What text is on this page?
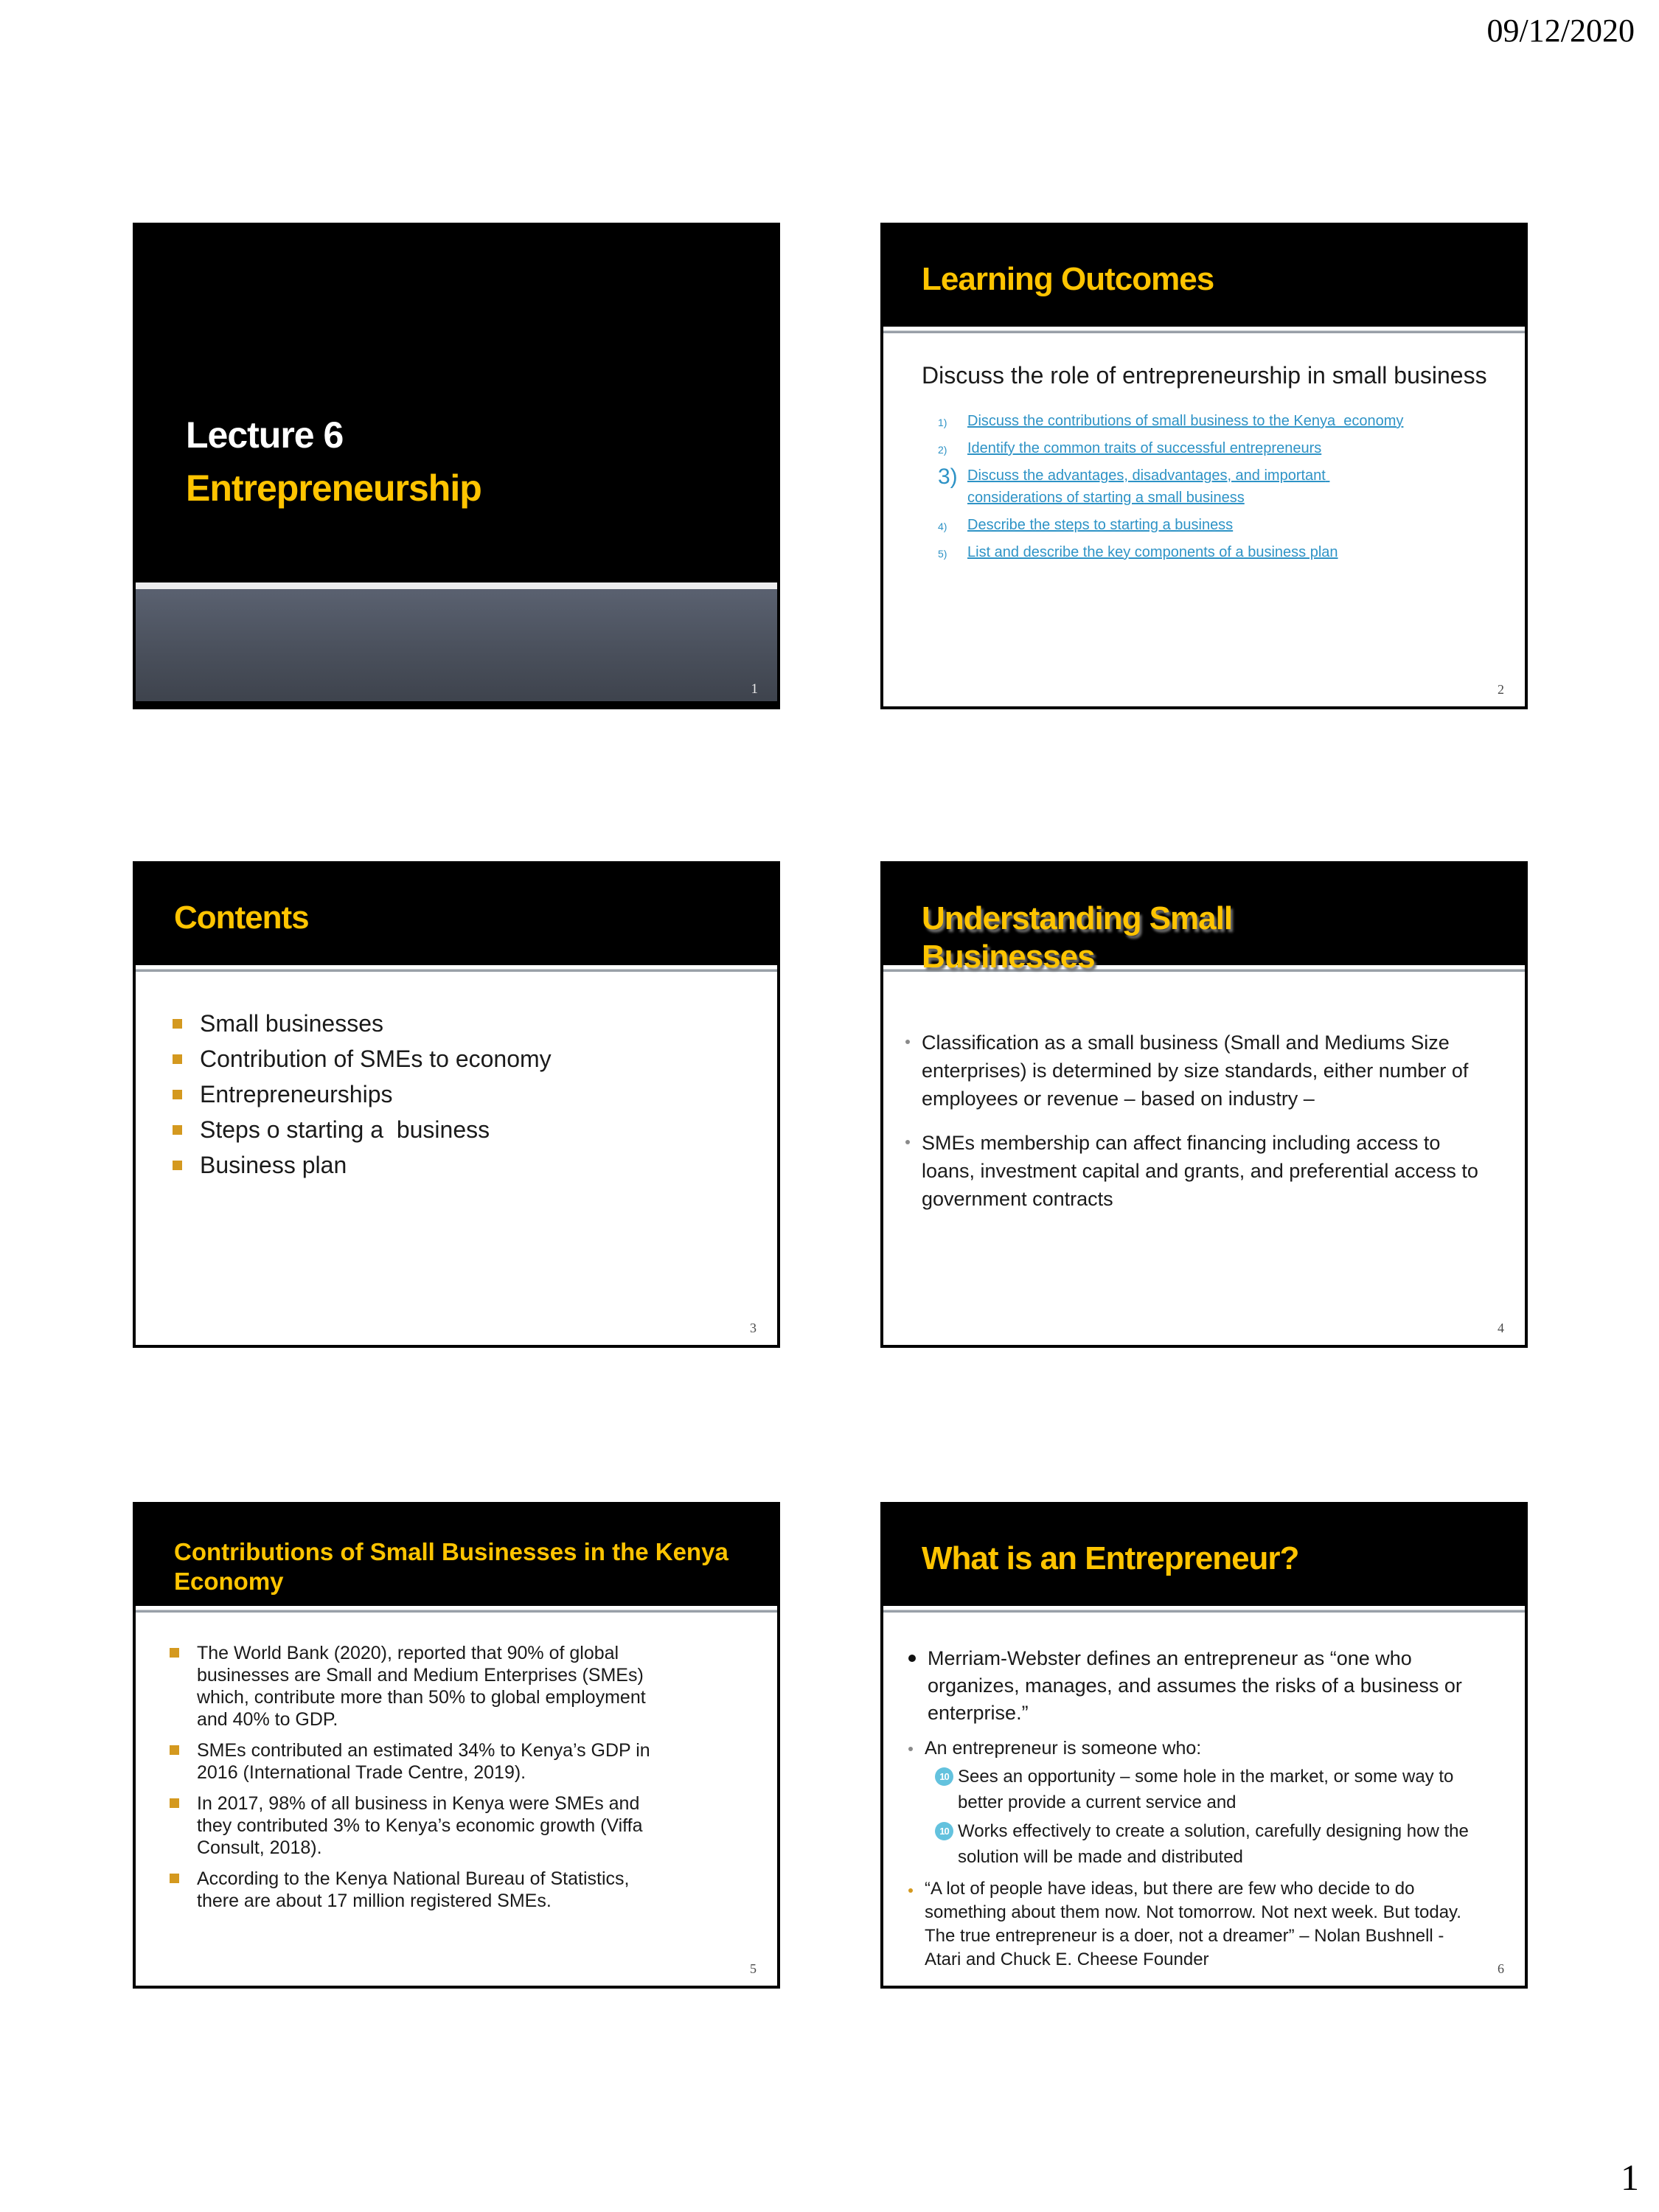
09/12/2020
Lecture 6
Entrepreneurship
1
Learning Outcomes
Discuss the role of entrepreneurship in small business
1)	Discuss the contributions of small business to the Kenya  economy
2)	Identify the common traits of successful entrepreneurs
3) Discuss the advantages, disadvantages, and important considerations of starting a small business
4)	Describe the steps to starting a business
5)	List and describe the key components of a business plan
2
Contents
Small businesses
Contribution of SMEs to economy
Entrepreneurships
Steps o starting a  business
Business plan
3
Understanding Small
Businesses
Classification as a small business (Small and Mediums Size enterprises) is determined by size standards, either number of employees or revenue – based on industry –
SMEs membership can affect financing including access to loans, investment capital and grants, and preferential access to government contracts
4
Contributions of Small Businesses in the Kenya Economy
The World Bank (2020), reported that 90% of global businesses are Small and Medium Enterprises (SMEs) which, contribute more than 50% to global employment  and 40% to GDP.
SMEs contributed an estimated 34% to Kenya’s GDP in 2016 (International Trade Centre, 2019).
In 2017, 98% of all business in Kenya were SMEs and they contributed 3% to Kenya’s economic growth (Viffa Consult, 2018).
According to the Kenya National Bureau of Statistics, there are about 17 million registered SMEs.
5
What is an Entrepreneur?
Merriam-Webster defines an entrepreneur as “one who organizes, manages, and assumes the risks of a business or enterprise.”
An entrepreneur is someone who:
10 Sees an opportunity – some hole in the market, or some way to better provide a current service and
10 Works effectively to create a solution, carefully designing how the solution will be made and distributed
“A lot of people have ideas, but there are few who decide to do something about them now. Not tomorrow. Not next week. But today. The true entrepreneur is a doer, not a dreamer” – Nolan Bushnell - Atari and Chuck E. Cheese Founder	6
1
